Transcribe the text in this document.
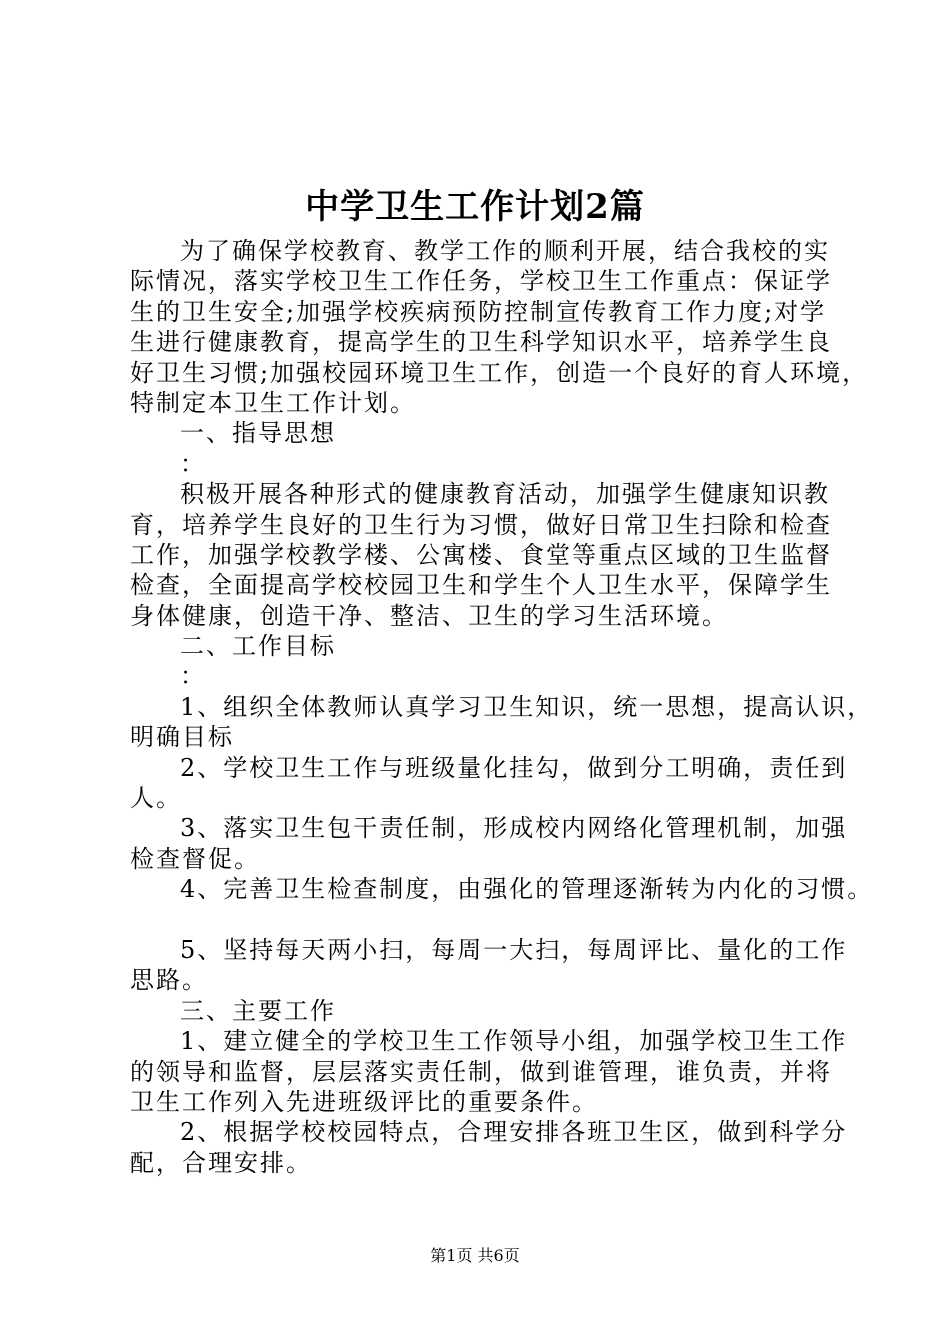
中学卫生工作计划2篇
为了确保学校教育、教学工作的顺利开展，结合我校的实
际情况，落实学校卫生工作任务，学校卫生工作重点：保证学
生的卫生安全;加强学校疾病预防控制宣传教育工作力度;对学
生进行健康教育，提高学生的卫生科学知识水平，培养学生良
好卫生习惯;加强校园环境卫生工作，创造一个良好的育人环境，
特制定本卫生工作计划。
一、指导思想
：
积极开展各种形式的健康教育活动，加强学生健康知识教
育，培养学生良好的卫生行为习惯，做好日常卫生扫除和检查
工作，加强学校教学楼、公寓楼、食堂等重点区域的卫生监督
检查，全面提高学校校园卫生和学生个人卫生水平，保障学生
身体健康，创造干净、整洁、卫生的学习生活环境。
二、工作目标
：
1、组织全体教师认真学习卫生知识，统一思想，提高认识，
明确目标
2、学校卫生工作与班级量化挂勾，做到分工明确，责任到
人。
3、落实卫生包干责任制，形成校内网络化管理机制，加强
检查督促。
4、完善卫生检查制度，由强化的管理逐渐转为内化的习惯。
5、坚持每天两小扫，每周一大扫，每周评比、量化的工作
思路。
三、主要工作
1、建立健全的学校卫生工作领导小组，加强学校卫生工作
的领导和监督，层层落实责任制，做到谁管理，谁负责，并将
卫生工作列入先进班级评比的重要条件。
2、根据学校校园特点，合理安排各班卫生区，做到科学分
配，合理安排。
第1页 共6页
